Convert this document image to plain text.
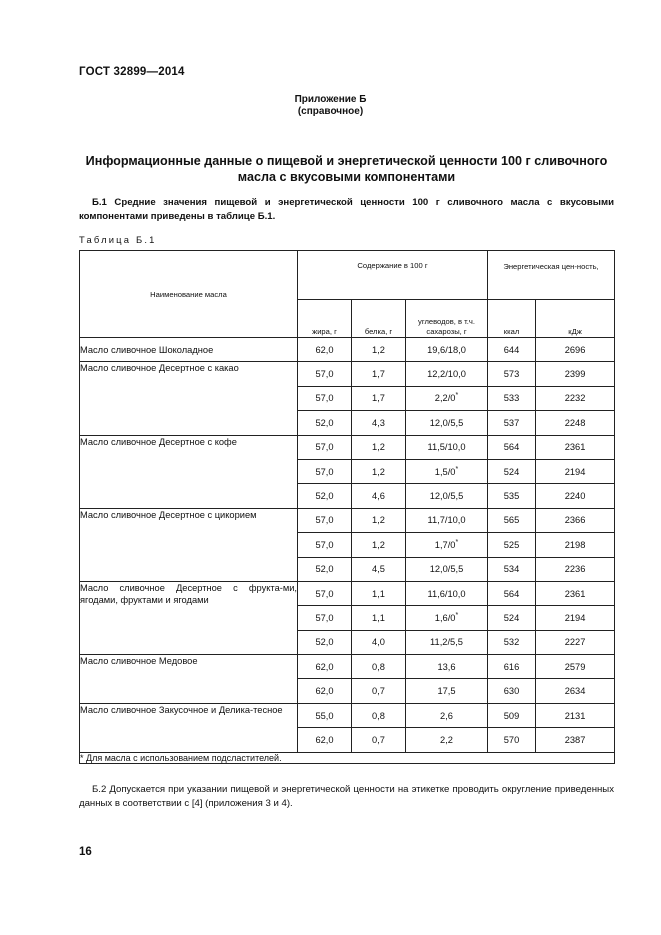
ГОСТ 32899—2014
Приложение Б
(справочное)
Информационные данные о пищевой и энергетической ценности 100 г сливочного масла с вкусовыми компонентами
Б.1 Средние значения пищевой и энергетической ценности 100 г сливочного масла с вкусовыми компонентами приведены в таблице Б.1.
Таблица Б.1
Наименование масла	Содержание в 100 г			Энергетическая цен-ность,	
	жира, г	белка, г	углеводов, в т.ч. сахарозы, г	ккал	кДж
Масло сливочное Шоколадное	62,0	1,2	19,6/18,0	644	2696
Масло сливочное Десертное с какао	57,0	1,7	12,2/10,0	573	2399
	57,0	1,7	2,2/0*	533	2232
	52,0	4,3	12,0/5,5	537	2248
Масло сливочное Десертное с кофе	57,0	1,2	11,5/10,0	564	2361
	57,0	1,2	1,5/0*	524	2194
	52,0	4,6	12,0/5,5	535	2240
Масло сливочное Десертное с цикорием	57,0	1,2	11,7/10,0	565	2366
	57,0	1,2	1,7/0*	525	2198
	52,0	4,5	12,0/5,5	534	2236
Масло сливочное Десертное с фрукта-ми, ягодами, фруктами и ягодами	57,0	1,1	11,6/10,0	564	2361
	57,0	1,1	1,6/0*	524	2194
	52,0	4,0	11,2/5,5	532	2227
Масло сливочное Медовое	62,0	0,8	13,6	616	2579
	62,0	0,7	17,5	630	2634
Масло сливочное Закусочное и Делика-тесное	55,0	0,8	2,6	509	2131
	62,0	0,7	2,2	570	2387
* Для масла с использованием подсластителей.					
Б.2 Допускается при указании пищевой и энергетической ценности на этикетке проводить округление приведенных данных в соответствии с [4] (приложения 3 и 4).
16
